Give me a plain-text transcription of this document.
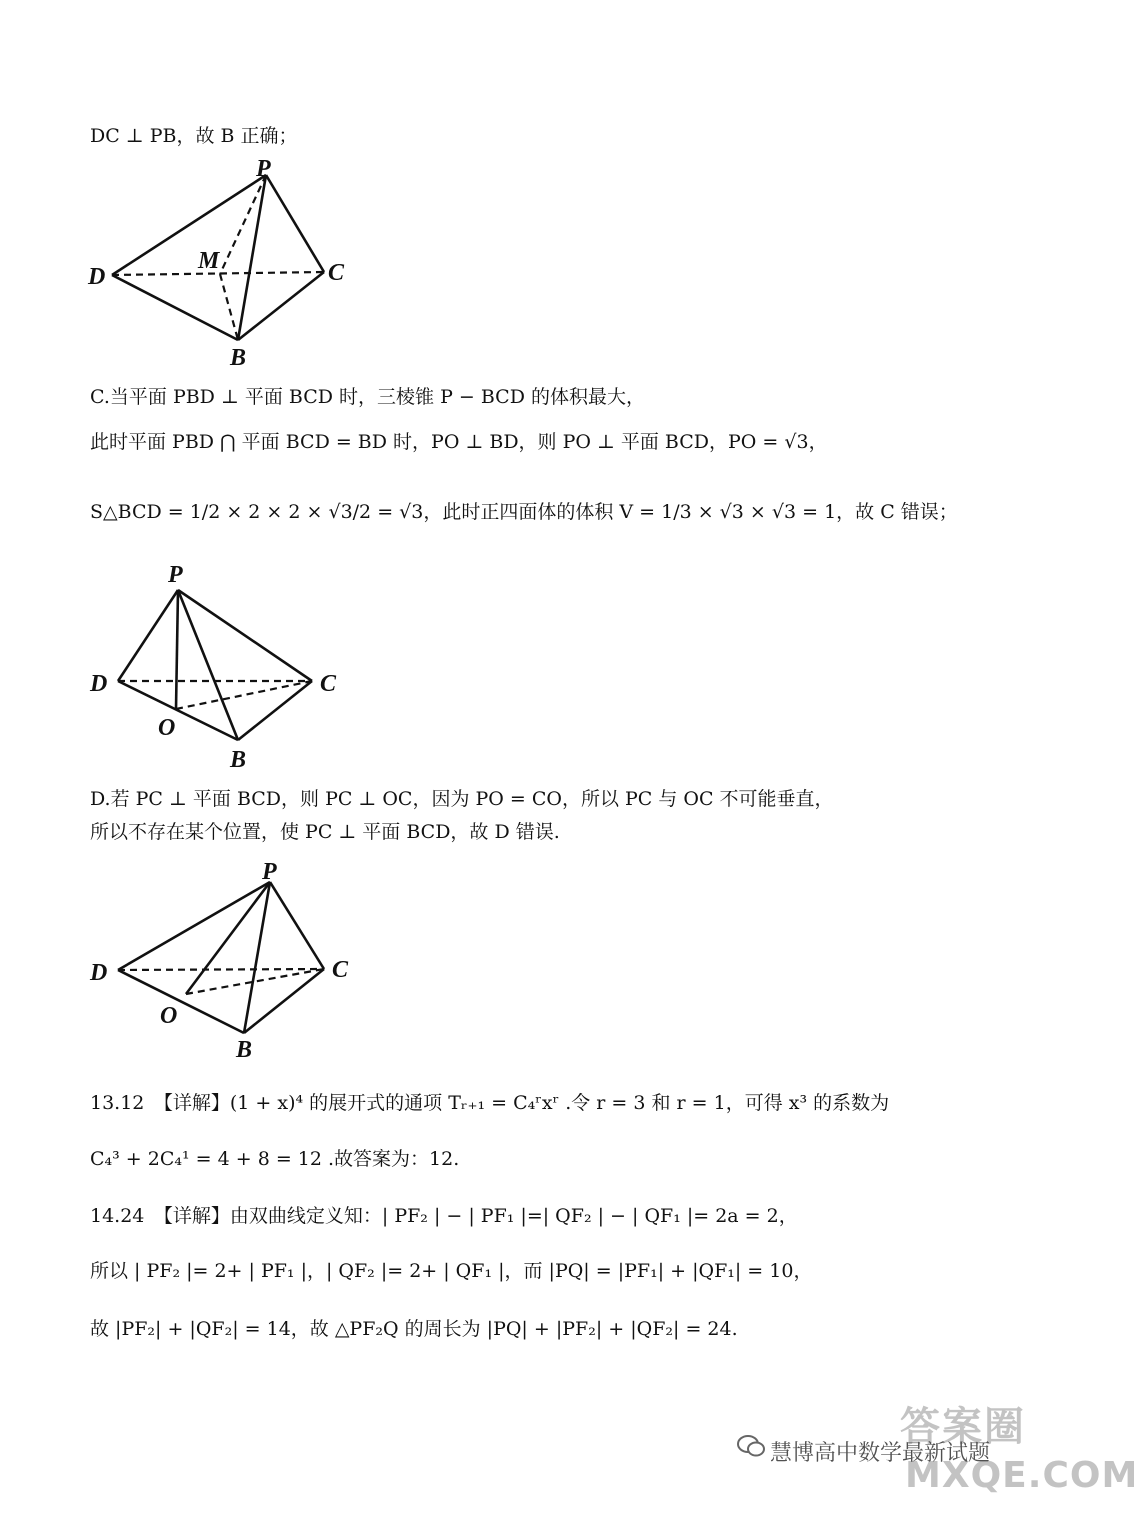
DC ⊥ PB，故 B 正确；
P
D
M	C
B
C.当平面 PBD ⊥ 平面 BCD 时，三棱锥 P − BCD 的体积最大，
此时平面 PBD ⋂ 平面 BCD = BD 时，PO ⊥ BD，则 PO ⊥ 平面 BCD，PO = √3，
S△BCD = 1/2 × 2 × 2 × √3/2 = √3，此时正四面体的体积 V = 1/3 × √3 × √3 = 1，故 C 错误；
P
D	C
O
B
D.若 PC ⊥ 平面 BCD，则 PC ⊥ OC，因为 PO = CO，所以 PC 与 OC 不可能垂直，
所以不存在某个位置，使 PC ⊥ 平面 BCD，故 D 错误.
P
D	C
O
B
13.12　【详解】(1 + x)⁴ 的展开式的通项 Tᵣ₊₁ = C₄ʳxʳ .令 r = 3 和 r = 1，可得 x³ 的系数为
C₄³ + 2C₄¹ = 4 + 8 = 12 .故答案为：12.
14.24　【详解】由双曲线定义知：| PF₂ | − | PF₁ |=| QF₂ | − | QF₁ |= 2a = 2，
所以 | PF₂ |= 2+ | PF₁ |，| QF₂ |= 2+ | QF₁ |，而 |PQ| = |PF₁| + |QF₁| = 10，
故 |PF₂| + |QF₂| = 14，故 △PF₂Q 的周长为 |PQ| + |PF₂| + |QF₂| = 24.
慧博高中数学最新试题
答案圈
MXQE.COM
